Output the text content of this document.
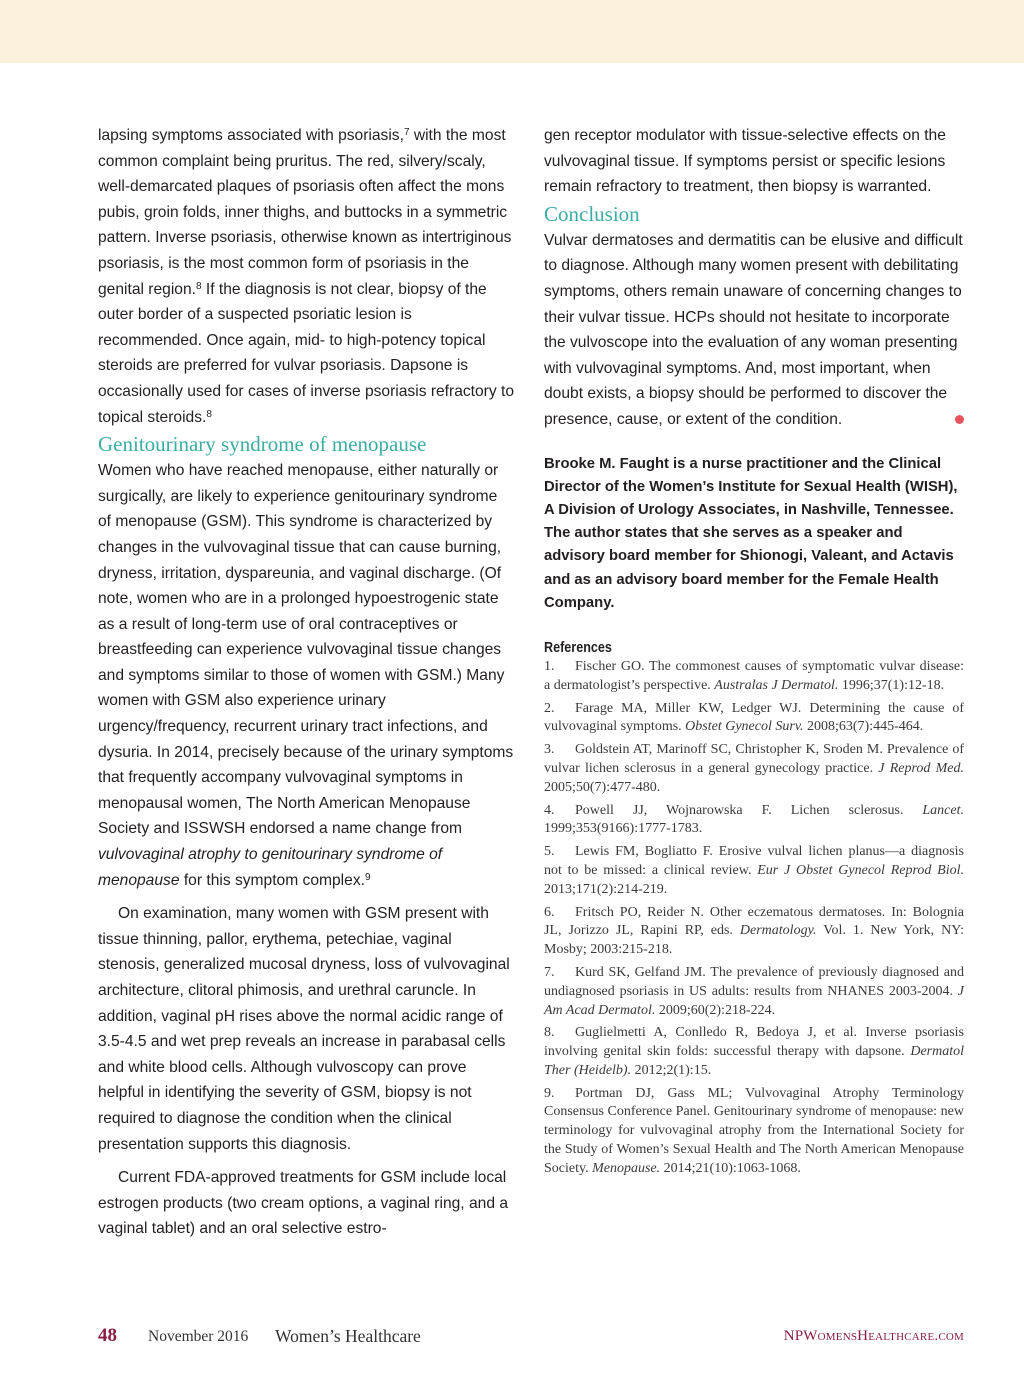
lapsing symptoms associated with psoriasis,$^7$ with the most common complaint being pruritus. The red, silvery/scaly, well-demarcated plaques of psoriasis often affect the mons pubis, groin folds, inner thighs, and buttocks in a symmetric pattern. Inverse psoriasis, otherwise known as intertriginous psoriasis, is the most common form of psoriasis in the genital region.$^8$ If the diagnosis is not clear, biopsy of the outer border of a suspected psoriatic lesion is recommended. Once again, mid- to high-potency topical steroids are preferred for vulvar psoriasis. Dapsone is occasionally used for cases of inverse psoriasis refractory to topical steroids.$^8$

Genitourinary syndrome of menopause

Women who have reached menopause, either naturally or surgically, are likely to experience genitourinary syndrome of menopause (GSM). This syndrome is characterized by changes in the vulvovaginal tissue that can cause burning, dryness, irritation, dyspareunia, and vaginal discharge. (Of note, women who are in a prolonged hypoestrogenic state as a result of long-term use of oral contraceptives or breastfeeding can experience vulvovaginal tissue changes and symptoms similar to those of women with GSM.) Many women with GSM also experience urinary urgency/frequency, recurrent urinary tract infections, and dysuria. In 2014, precisely because of the urinary symptoms that frequently accompany vulvovaginal symptoms in menopausal women, The North American Menopause Society and ISSWSH endorsed a name change from vulvovaginal atrophy to genitourinary syndrome of menopause for this symptom complex.$^9$

On examination, many women with GSM present with tissue thinning, pallor, erythema, petechiae, vaginal stenosis, generalized mucosal dryness, loss of vulvovaginal architecture, clitoral phimosis, and urethral caruncle. In addition, vaginal pH rises above the normal acidic range of 3.5-4.5 and wet prep reveals an increase in parabasal cells and white blood cells. Although vulvoscopy can prove helpful in identifying the severity of GSM, biopsy is not required to diagnose the condition when the clinical presentation supports this diagnosis.

Current FDA-approved treatments for GSM include local estrogen products (two cream options, a vaginal ring, and a vaginal tablet) and an oral selective estro-

gen receptor modulator with tissue-selective effects on the vulvovaginal tissue. If symptoms persist or specific lesions remain refractory to treatment, then biopsy is warranted.

Conclusion

Vulvar dermatoses and dermatitis can be elusive and difficult to diagnose. Although many women present with debilitating symptoms, others remain unaware of concerning changes to their vulvar tissue. HCPs should not hesitate to incorporate the vulvoscope into the evaluation of any woman presenting with vulvovaginal symptoms. And, most important, when doubt exists, a biopsy should be performed to discover the presence, cause, or extent of the condition.

Brooke M. Faught is a nurse practitioner and the Clinical Director of the Women’s Institute for Sexual Health (WISH), A Division of Urology Associates, in Nashville, Tennessee. The author states that she serves as a speaker and advisory board member for Shionogi, Valeant, and Actavis and as an advisory board member for the Female Health Company.

References
1. Fischer GO. The commonest causes of symptomatic vulvar disease: a dermatologist’s perspective. Australas J Dermatol. 1996;37(1):12-18.
2. Farage MA, Miller KW, Ledger WJ. Determining the cause of vulvovaginal symptoms. Obstet Gynecol Surv. 2008;63(7):445-464.
3. Goldstein AT, Marinoff SC, Christopher K, Sroden M. Prevalence of vulvar lichen sclerosus in a general gynecology practice. J Reprod Med. 2005;50(7):477-480.
4. Powell JJ, Wojnarowska F. Lichen sclerosus. Lancet. 1999;353(9166):1777-1783.
5. Lewis FM, Bogliatto F. Erosive vulval lichen planus—a diagnosis not to be missed: a clinical review. Eur J Obstet Gynecol Reprod Biol. 2013;171(2):214-219.
6. Fritsch PO, Reider N. Other eczematous dermatoses. In: Bolognia JL, Jorizzo JL, Rapini RP, eds. Dermatology. Vol. 1. New York, NY: Mosby; 2003:215-218.
7. Kurd SK, Gelfand JM. The prevalence of previously diagnosed and undiagnosed psoriasis in US adults: results from NHANES 2003-2004. J Am Acad Dermatol. 2009;60(2):218-224.
8. Guglielmetti A, Conlledo R, Bedoya J, et al. Inverse psoriasis involving genital skin folds: successful therapy with dapsone. Dermatol Ther (Heidelb). 2012;2(1):15.
9. Portman DJ, Gass ML; Vulvovaginal Atrophy Terminology Consensus Conference Panel. Genitourinary syndrome of menopause: new terminology for vulvovaginal atrophy from the International Society for the Study of Women’s Sexual Health and The North American Menopause Society. Menopause. 2014;21(10):1063-1068.
48 November 2016 Women’s Healthcare	NPWomensHealthcare.com
